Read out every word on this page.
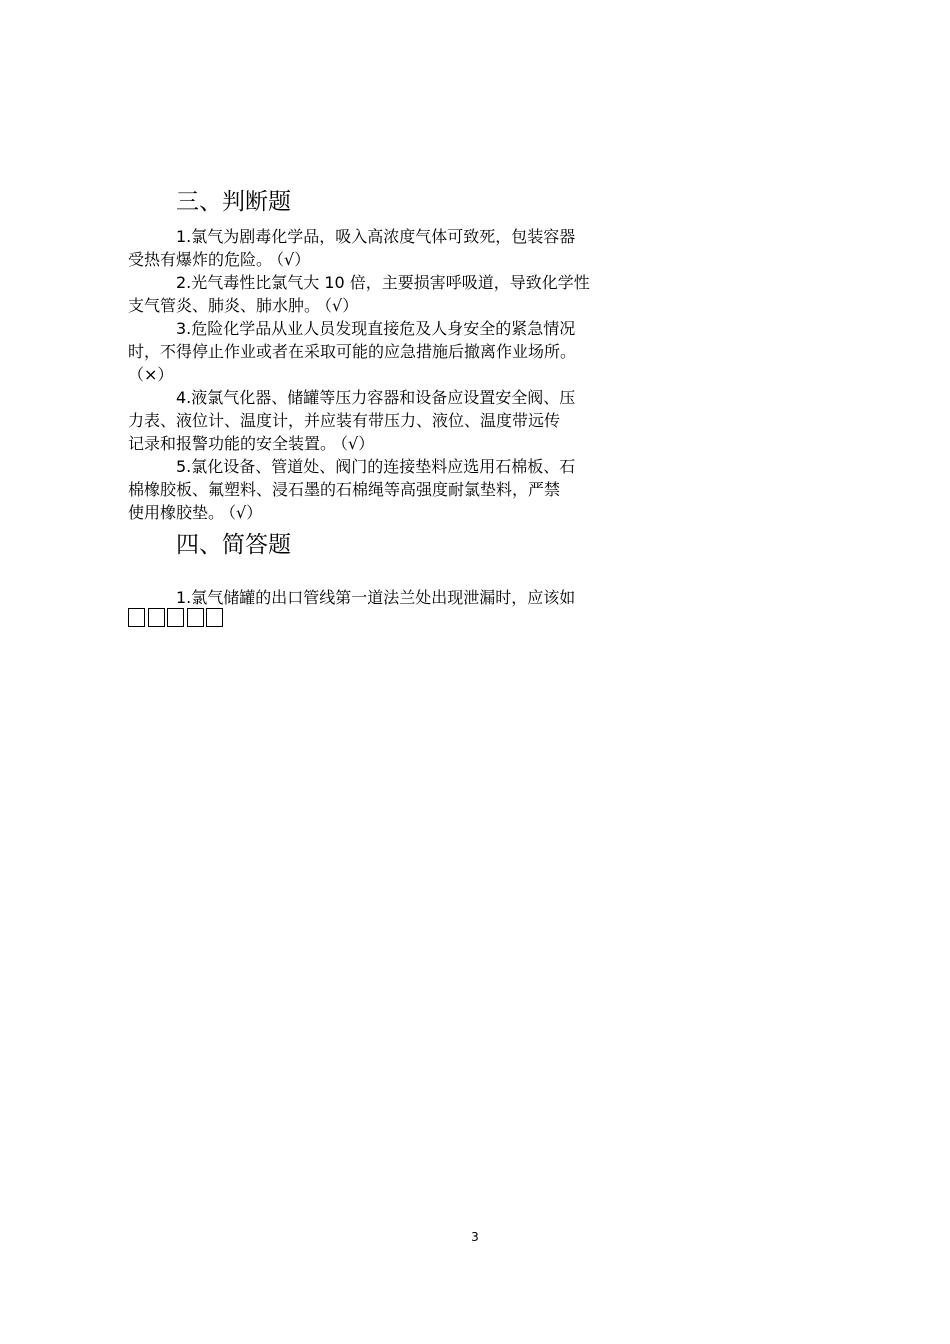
三、判断题
1.氯气为剧毒化学品，吸入高浓度气体可致死，包装容器
受热有爆炸的危险。 （√）
2.光气毒性比氯气大 10 倍，主要损害呼吸道，导致化学性
支气管炎、肺炎、肺水肿。 （√）
3.危险化学品从业人员发现直接危及人身安全的紧急情况
时，不得停止作业或者在采取可能的应急措施后撤离作业场所。
（×）
4.液氯气化器、储罐等压力容器和设备应设置安全阀、压
力表、液位计、温度计，并应装有带压力、液位、温度带远传
记录和报警功能的安全装置。 （√）
5.氯化设备、管道处、阀门的连接垫料应选用石棉板、石
棉橡胶板、氟塑料、浸石墨的石棉绳等高强度耐氯垫料，严禁
使用橡胶垫。 （√）
四、简答题
1.氯气储罐的出口管线第一道法兰处出现泄漏时，应该如
3
